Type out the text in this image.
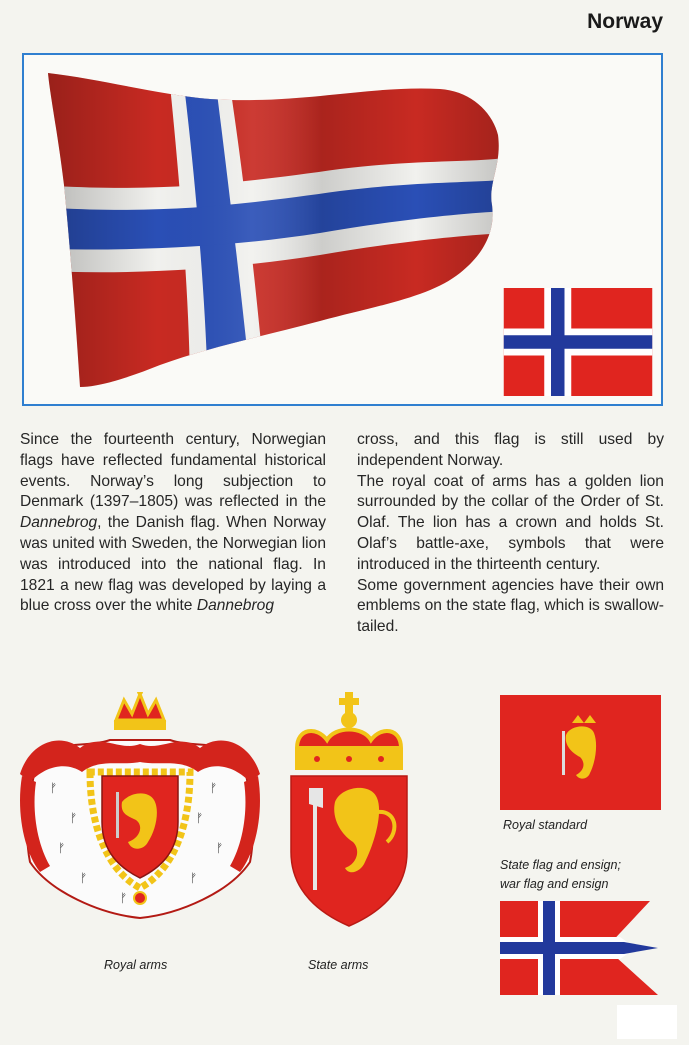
Norway

Since the fourteenth century, Norwegian flags have reflected fundamental historical events. Norway’s long subjection to Denmark (1397–1805) was reflected in the Dannebrog, the Danish flag. When Norway was united with Sweden, the Norwegian lion was introduced into the national flag. In 1821 a new flag was developed by laying a blue cross over the white Dannebrog

cross, and this flag is still used by independent Norway.

The royal coat of arms has a golden lion surrounded by the collar of the Order of St. Olaf. The lion has a crown and holds St. Olaf’s battle-axe, symbols that were introduced in the thirteenth century.

Some government agencies have their own emblems on the state flag, which is swallow-tailed.

ᚠ
ᚠ
ᚠ
ᚠ
ᚠ
ᚠ
ᚠ
ᚠ
ᚠ
Royal arms	State arms
Royal standard
State flag and ensign;
war flag and ensign
